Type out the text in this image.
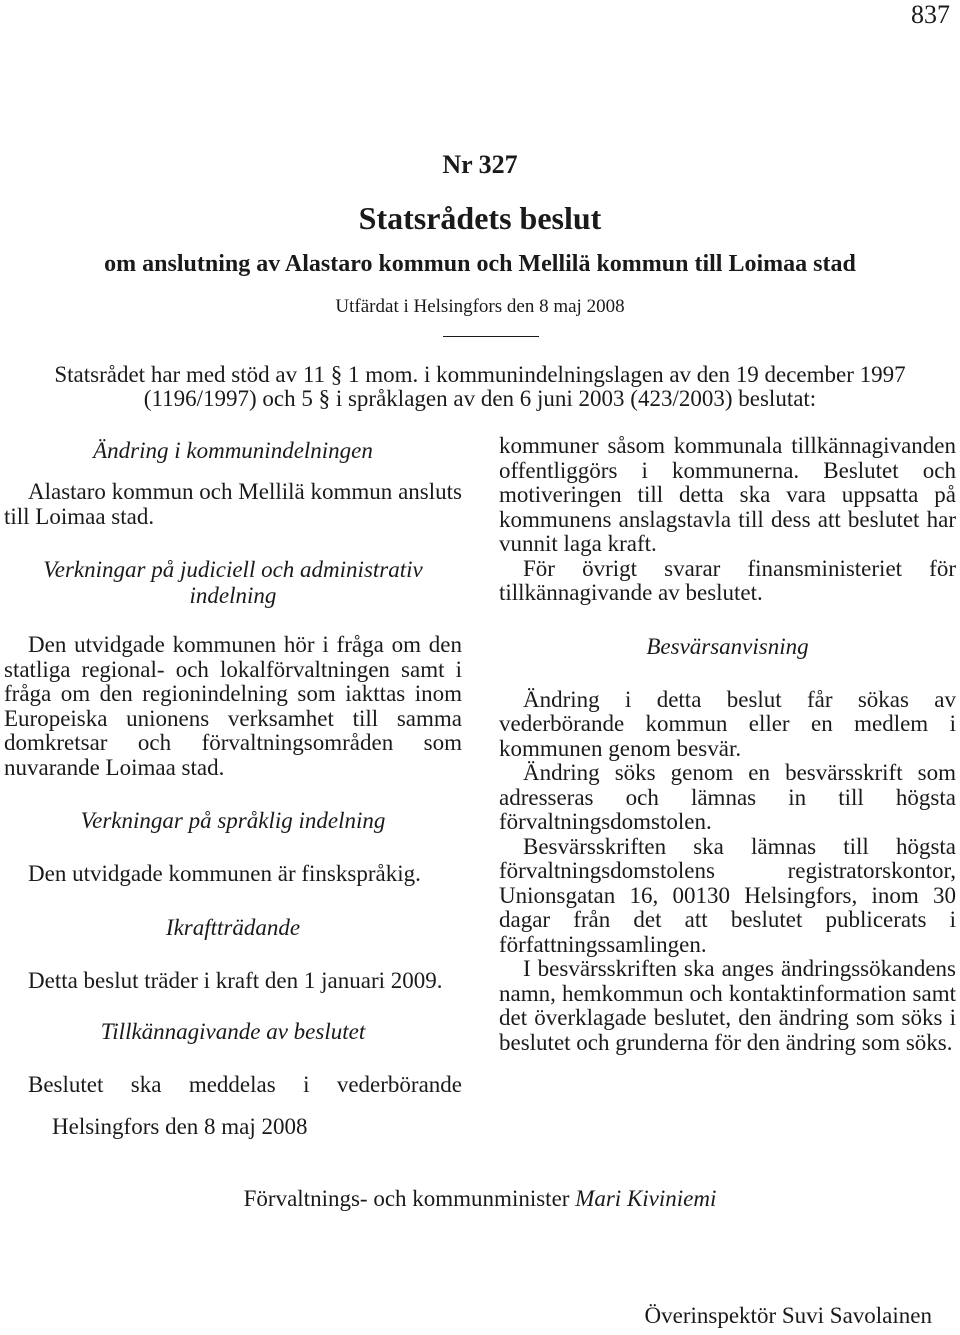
837
Nr 327
Statsrådets beslut
om anslutning av Alastaro kommun och Mellilä kommun till Loimaa stad
Utfärdat i Helsingfors den 8 maj 2008
Statsrådet har med stöd av 11 § 1 mom. i kommunindelningslagen av den 19 december 1997
(1196/1997) och 5 § i språklagen av den 6 juni 2003 (423/2003) beslutat:
Ändring i kommunindelningen

Alastaro kommun och Mellilä kommun ansluts till Loimaa stad.

Verkningar på judiciell och administrativ indelning

Den utvidgade kommunen hör i fråga om den statliga regional- och lokalförvaltningen samt i fråga om den regionindelning som iakttas inom Europeiska unionens verksamhet till samma domkretsar och förvaltningsområden som nuvarande Loimaa stad.

Verkningar på språklig indelning

Den utvidgade kommunen är finskspråkig.

Ikraftträdande

Detta beslut träder i kraft den 1 januari 2009.

Tillkännagivande av beslutet

Beslutet ska meddelas i vederbörande

kommuner såsom kommunala tillkännagivanden offentliggörs i kommunerna. Beslutet och motiveringen till detta ska vara uppsatta på kommunens anslagstavla till dess att beslutet har vunnit laga kraft.

För övrigt svarar finansministeriet för tillkännagivande av beslutet.

Besvärsanvisning

Ändring i detta beslut får sökas av vederbörande kommun eller en medlem i kommunen genom besvär.

Ändring söks genom en besvärsskrift som adresseras och lämnas in till högsta förvaltningsdomstolen.

Besvärsskriften ska lämnas till högsta förvaltningsdomstolens registratorskontor, Unionsgatan 16, 00130 Helsingfors, inom 30 dagar från det att beslutet publicerats i författningssamlingen.

I besvärsskriften ska anges ändringssökandens namn, hemkommun och kontaktinformation samt det överklagade beslutet, den ändring som söks i beslutet och grunderna för den ändring som söks.

Helsingfors den 8 maj 2008
Förvaltnings- och kommunminister Mari Kiviniemi
Överinspektör Suvi Savolainen
